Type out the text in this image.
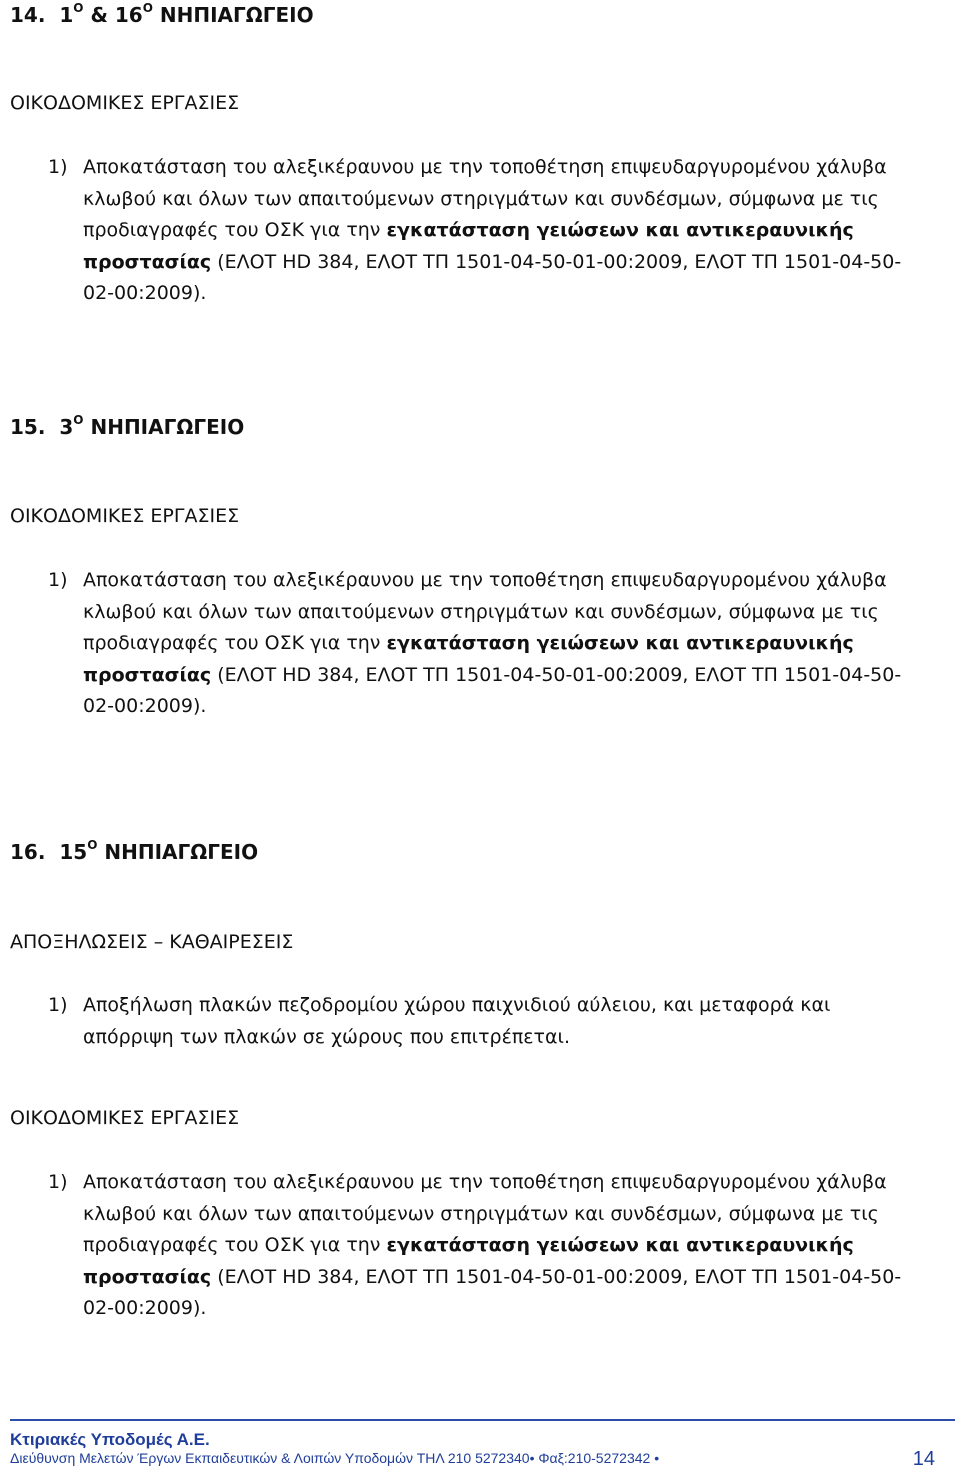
14. $1^O$ & $16^O$ ΝΗΠΙΑΓΩΓΕΙΟ
ΟΙΚΟΔΟΜΙΚΕΣ ΕΡΓΑΣΙΕΣ
1) Αποκατάσταση του αλεξικέραυνου με την τοποθέτηση επιψευδαργυρομένου χάλυβα
κλωβού και όλων των απαιτούμενων στηριγμάτων και συνδέσμων, σύμφωνα με τις
προδιαγραφές του ΟΣΚ για την εγκατάσταση γειώσεων και αντικεραυνικής
προστασίας (ΕΛΟΤ HD 384, ΕΛΟΤ ΤΠ 1501-04-50-01-00:2009, ΕΛΟΤ ΤΠ 1501-04-50-
02-00:2009).
15. $3^O$ ΝΗΠΙΑΓΩΓΕΙΟ
ΟΙΚΟΔΟΜΙΚΕΣ ΕΡΓΑΣΙΕΣ
1) Αποκατάσταση του αλεξικέραυνου με την τοποθέτηση επιψευδαργυρομένου χάλυβα
κλωβού και όλων των απαιτούμενων στηριγμάτων και συνδέσμων, σύμφωνα με τις
προδιαγραφές του ΟΣΚ για την εγκατάσταση γειώσεων και αντικεραυνικής
προστασίας (ΕΛΟΤ HD 384, ΕΛΟΤ ΤΠ 1501-04-50-01-00:2009, ΕΛΟΤ ΤΠ 1501-04-50-
02-00:2009).
16. $15^O$ ΝΗΠΙΑΓΩΓΕΙΟ
ΑΠΟΞΗΛΩΣΕΙΣ – ΚΑΘΑΙΡΕΣΕΙΣ
1) Αποξήλωση πλακών πεζοδρομίου χώρου παιχνιδιού αύλειου, και μεταφορά και
απόρριψη των πλακών σε χώρους που επιτρέπεται.
ΟΙΚΟΔΟΜΙΚΕΣ ΕΡΓΑΣΙΕΣ
1) Αποκατάσταση του αλεξικέραυνου με την τοποθέτηση επιψευδαργυρομένου χάλυβα
κλωβού και όλων των απαιτούμενων στηριγμάτων και συνδέσμων, σύμφωνα με τις
προδιαγραφές του ΟΣΚ για την εγκατάσταση γειώσεων και αντικεραυνικής
προστασίας (ΕΛΟΤ HD 384, ΕΛΟΤ ΤΠ 1501-04-50-01-00:2009, ΕΛΟΤ ΤΠ 1501-04-50-
02-00:2009).
Κτιριακές Υποδομές Α.Ε.
Διεύθυνση Μελετών Έργων Εκπαιδευτικών & Λοιπών Υποδομών ΤΗΛ 210 5272340• Φαξ:210-5272342 •	14
